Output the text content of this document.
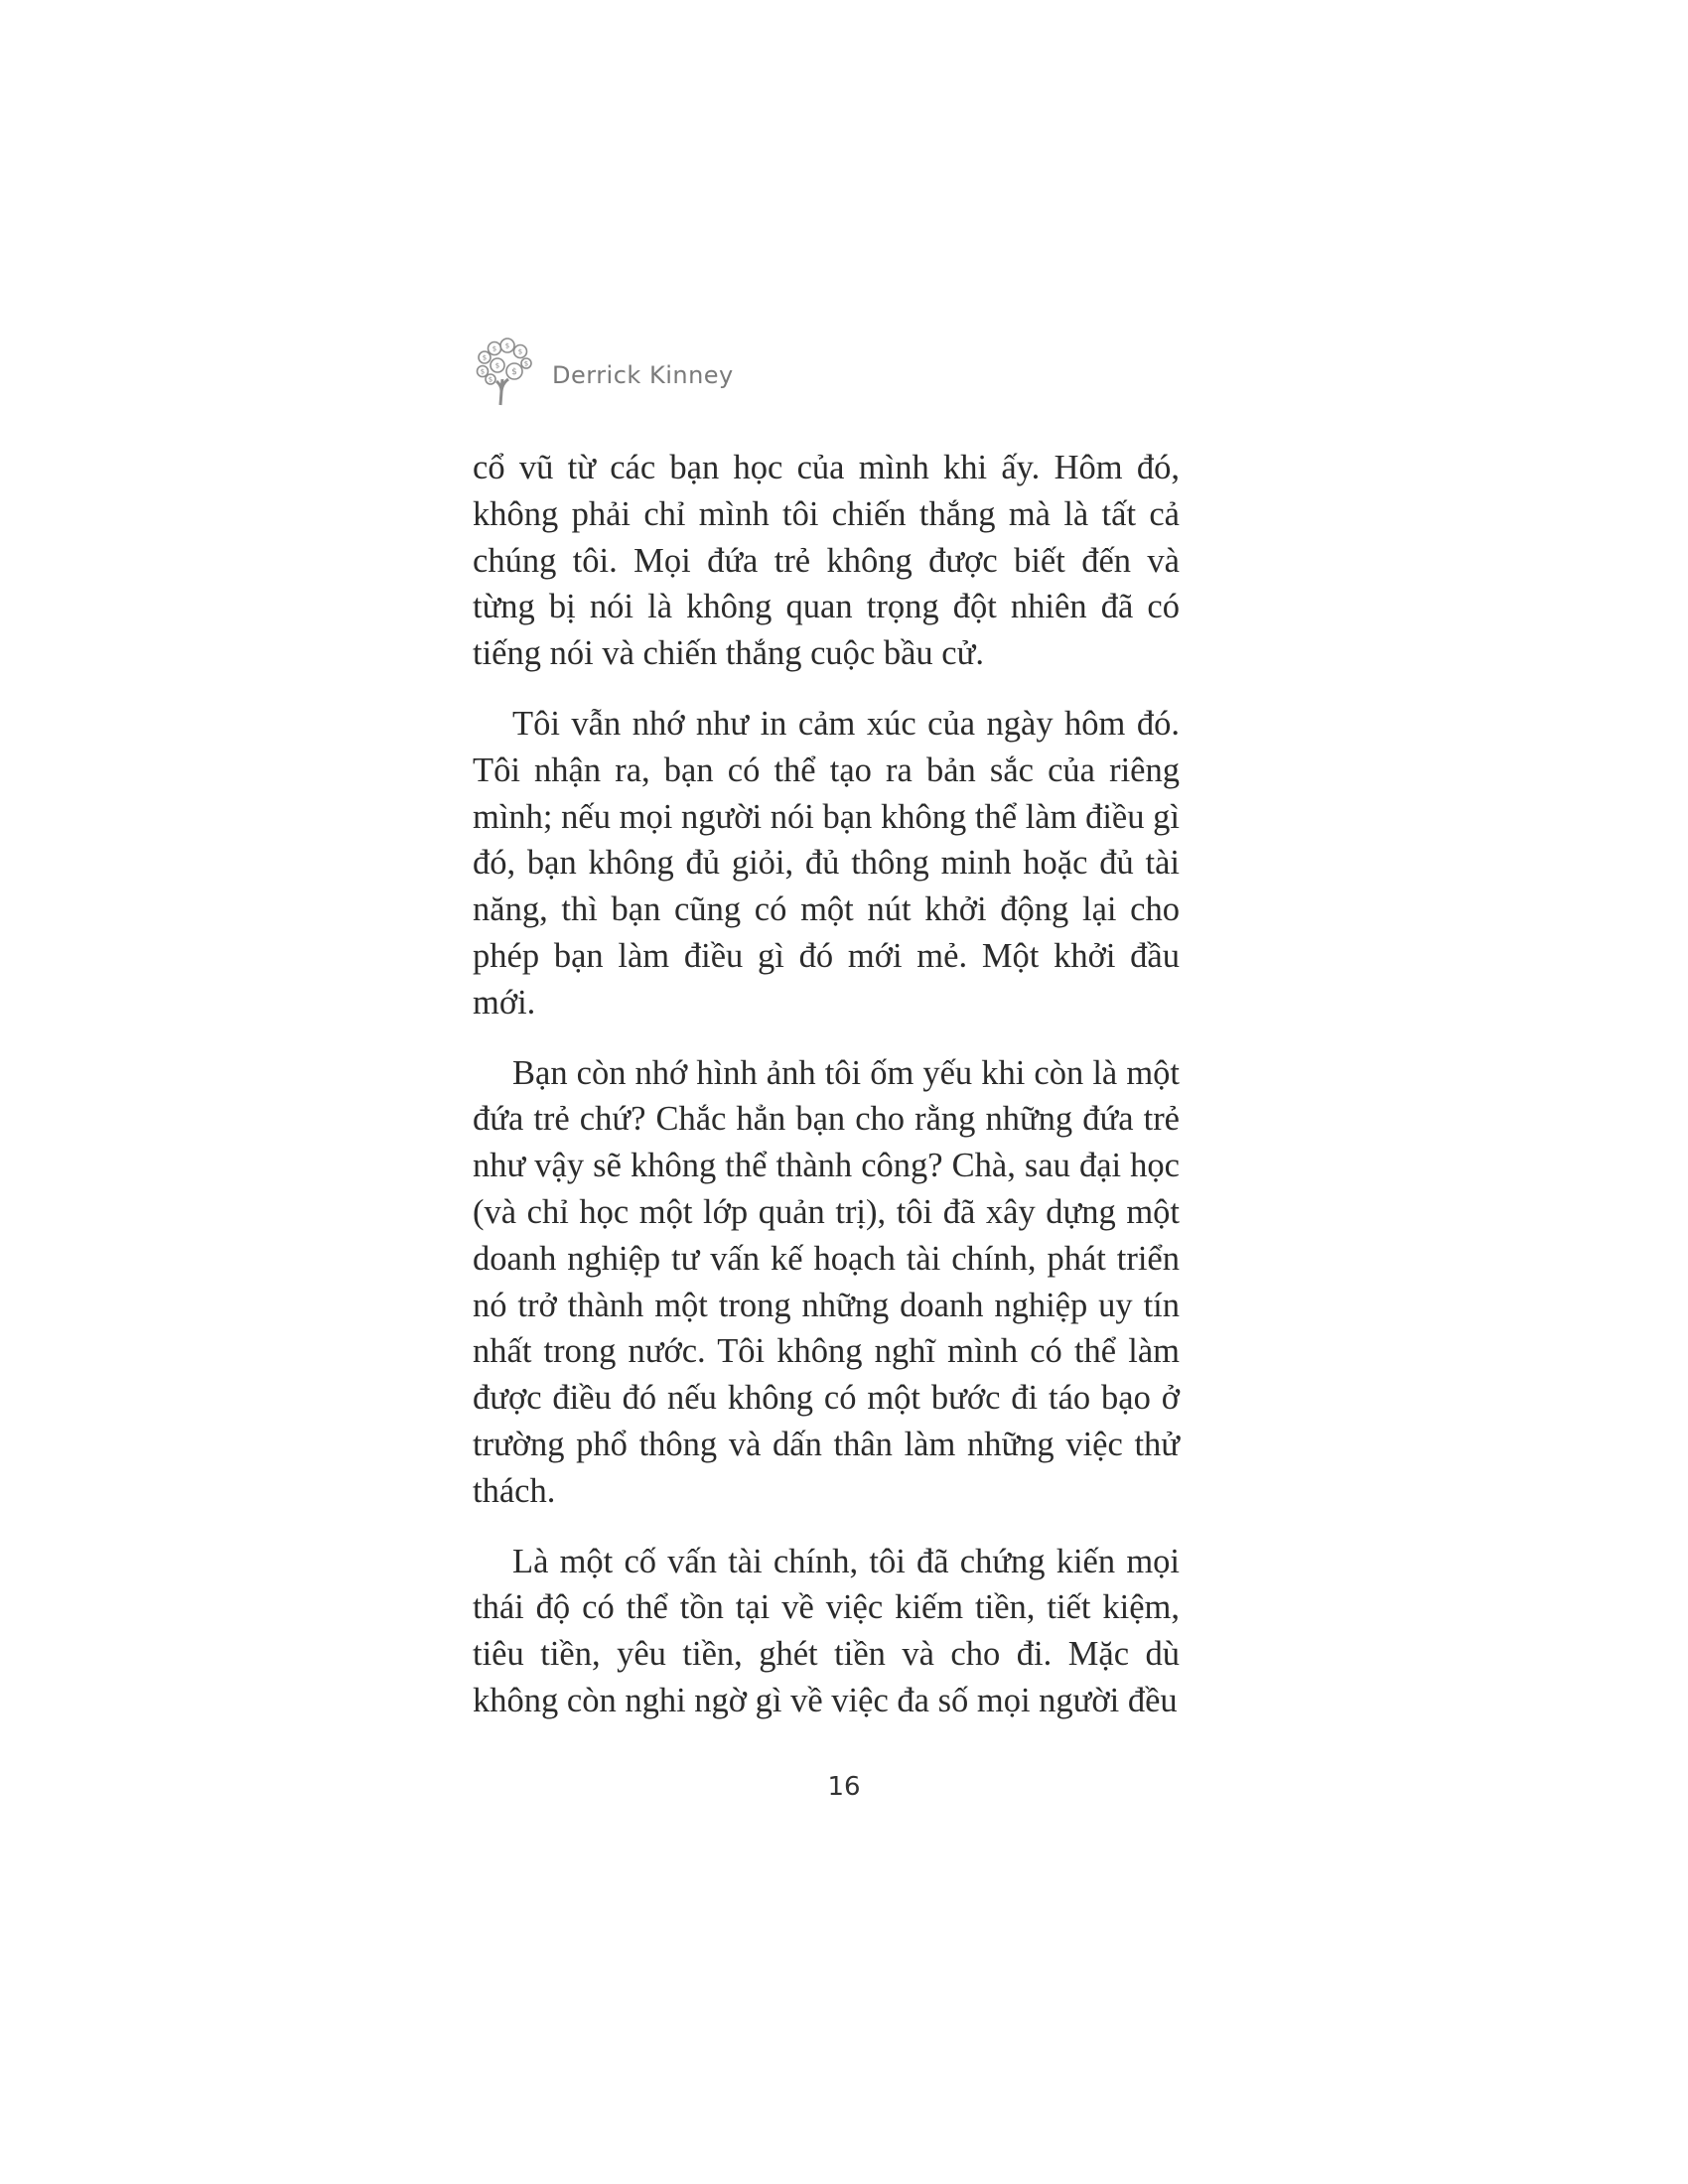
$
$ $
$
$
$
$
$
$ Derrick Kinney

cổ vũ từ các bạn học của mình khi ấy. Hôm đó, không phải chỉ mình tôi chiến thắng mà là tất cả chúng tôi. Mọi đứa trẻ không được biết đến và từng bị nói là không quan trọng đột nhiên đã có tiếng nói và chiến thắng cuộc bầu cử.

Tôi vẫn nhớ như in cảm xúc của ngày hôm đó. Tôi nhận ra, bạn có thể tạo ra bản sắc của riêng mình; nếu mọi người nói bạn không thể làm điều gì đó, bạn không đủ giỏi, đủ thông minh hoặc đủ tài năng, thì bạn cũng có một nút khởi động lại cho phép bạn làm điều gì đó mới mẻ. Một khởi đầu mới.

Bạn còn nhớ hình ảnh tôi ốm yếu khi còn là một đứa trẻ chứ? Chắc hẳn bạn cho rằng những đứa trẻ như vậy sẽ không thể thành công? Chà, sau đại học (và chỉ học một lớp quản trị), tôi đã xây dựng một doanh nghiệp tư vấn kế hoạch tài chính, phát triển nó trở thành một trong những doanh nghiệp uy tín nhất trong nước. Tôi không nghĩ mình có thể làm được điều đó nếu không có một bước đi táo bạo ở trường phổ thông và dấn thân làm những việc thử thách.

Là một cố vấn tài chính, tôi đã chứng kiến mọi thái độ có thể tồn tại về việc kiếm tiền, tiết kiệm, tiêu tiền, yêu tiền, ghét tiền và cho đi. Mặc dù không còn nghi ngờ gì về việc đa số mọi người đều

16
